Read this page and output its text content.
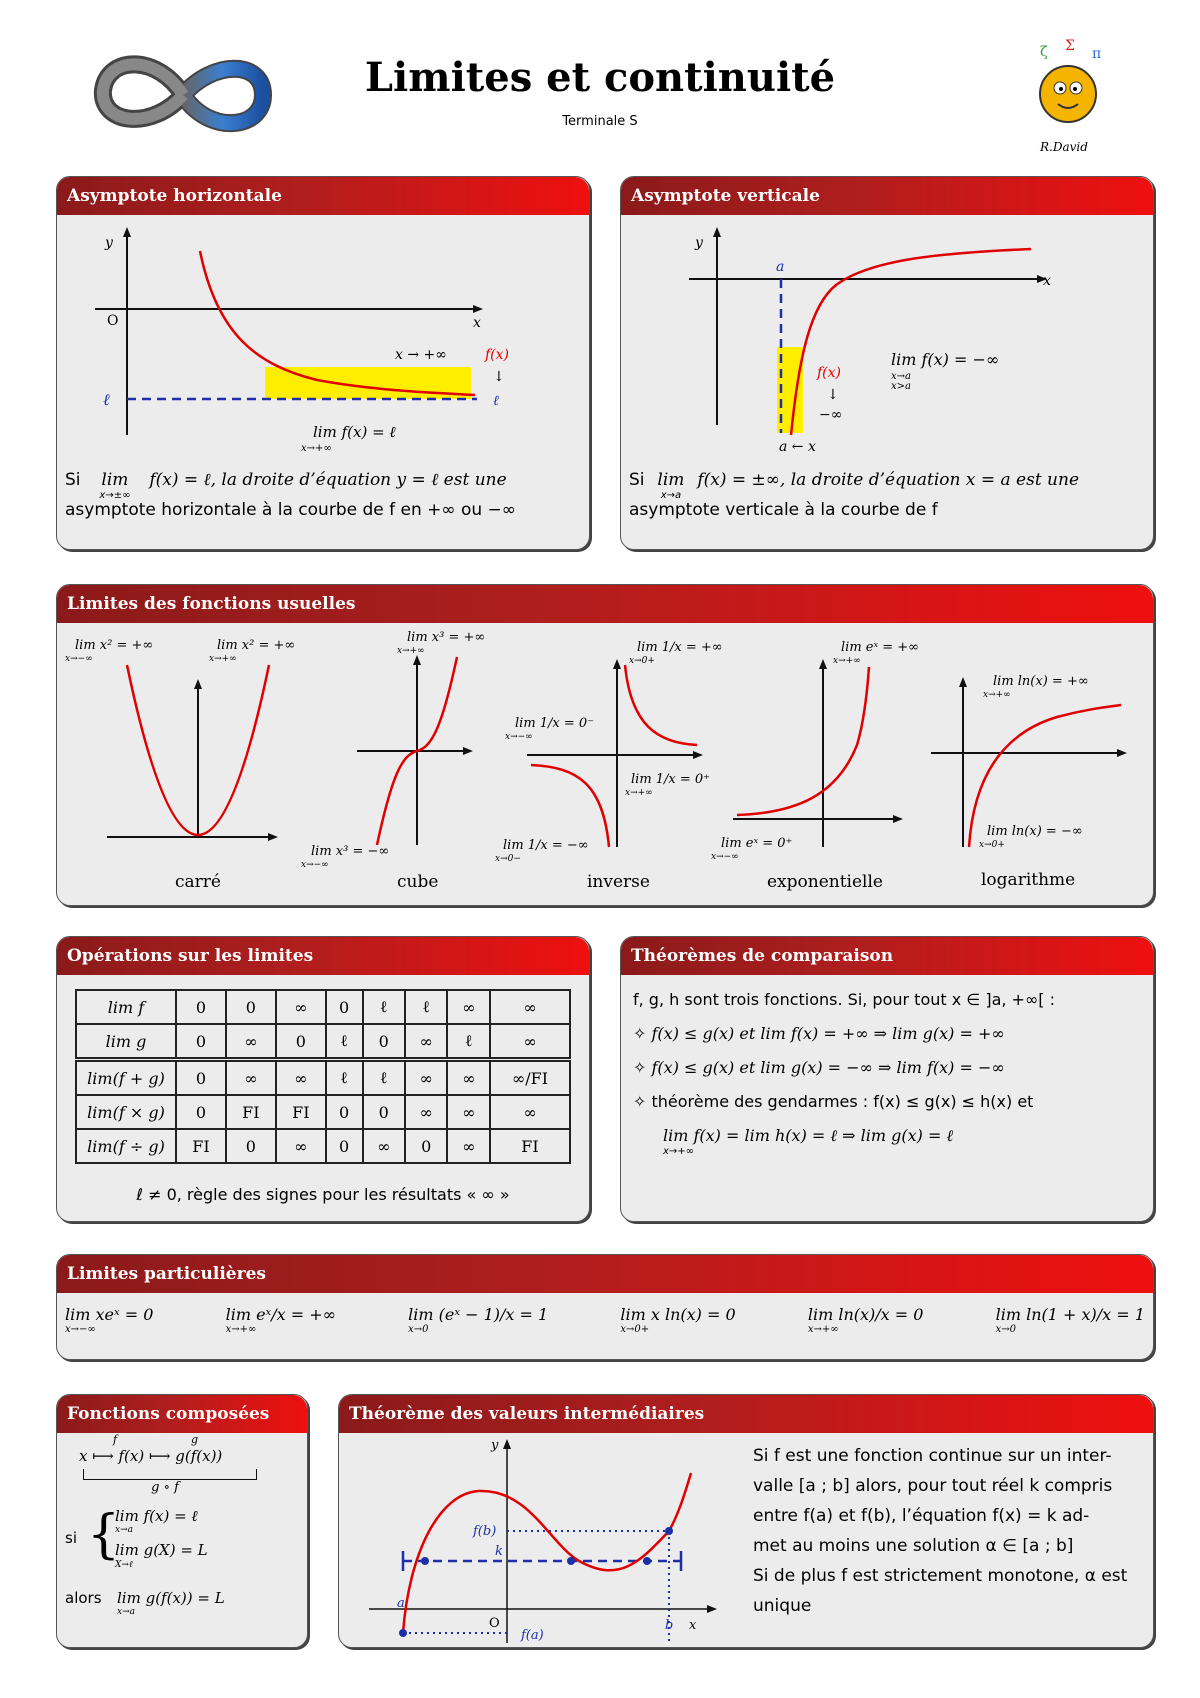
Limites et continuité
Terminale S
ζ Σ π
R.David
Asymptote horizontale
y
x
O
ℓ
x → +∞	f(x)
↓
ℓ
lim f(x) = ℓ
x→+∞
Si lim
x→±∞
f(x) = ℓ, la droite d’équation y = ℓ est une
asymptote horizontale à la courbe de f en +∞ ou −∞
Asymptote verticale
y
x
a
f(x)
↓
−∞
a ← x
lim f(x) = −∞
x→a
x>a
Si lim
x→a
f(x) = ±∞, la droite d’équation x = a est une
asymptote verticale à la courbe de f
Limites des fonctions usuelles
lim x² = +∞
x→−∞
lim x² = +∞
x→+∞
carré
lim x³ = +∞
x→+∞
lim x³ = −∞
x→−∞
cube
lim 1/x = +∞
x→0+
lim 1/x = 0⁻
x→−∞
lim 1/x = 0⁺
x→+∞
lim 1/x = −∞
x→0−
inverse
lim eˣ = +∞
x→+∞
lim eˣ = 0⁺
x→−∞
exponentielle
lim ln(x) = +∞
x→+∞
lim ln(x) = −∞
x→0+
logarithme
Opérations sur les limites
lim f	0	0	∞	0	ℓ	ℓ	∞	∞
lim g	0	∞	0	ℓ	0	∞	ℓ	∞
lim(f + g)	0	∞	∞	ℓ	ℓ	∞	∞	∞/FI
lim(f × g)	0	FI	FI	0	0	∞	∞	∞
lim(f ÷ g)	FI	0	∞	0	∞	0	∞	FI
ℓ ≠ 0, règle des signes pour les résultats « ∞ »
Théorèmes de comparaison
f, g, h sont trois fonctions. Si, pour tout x ∈ ]a, +∞[ :
✧ f(x) ≤ g(x) et lim f(x) = +∞ ⇒ lim g(x) = +∞
✧ f(x) ≤ g(x) et lim g(x) = −∞ ⇒ lim f(x) = −∞
✧ théorème des gendarmes : f(x) ≤ g(x) ≤ h(x) et
lim f(x) = lim h(x) = ℓ ⇒ lim g(x) = ℓ
x→+∞
Limites particulières
lim xeˣ = 0
x→−∞
lim eˣ/x = +∞
x→+∞
lim (eˣ − 1)/x = 1
x→0
lim x ln(x) = 0
x→0+
lim ln(x)/x = 0
x→+∞
lim ln(1 + x)/x = 1
x→0
Fonctions composées
f	g
x ⟼ f(x) ⟼ g(f(x))
g ∘ f
si {
lim f(x) = ℓ
x→a
lim g(X) = L
X→ℓ
alors lim g(f(x)) = L
x→a
Théorème des valeurs intermédiaires
y
x
O
f(b)
k
a
b
f(a)
Si f est une fonction continue sur un inter-
valle [a ; b] alors, pour tout réel k compris
entre f(a) et f(b), l’équation f(x) = k ad-
met au moins une solution α ∈ [a ; b]
Si de plus f est strictement monotone, α est
unique
